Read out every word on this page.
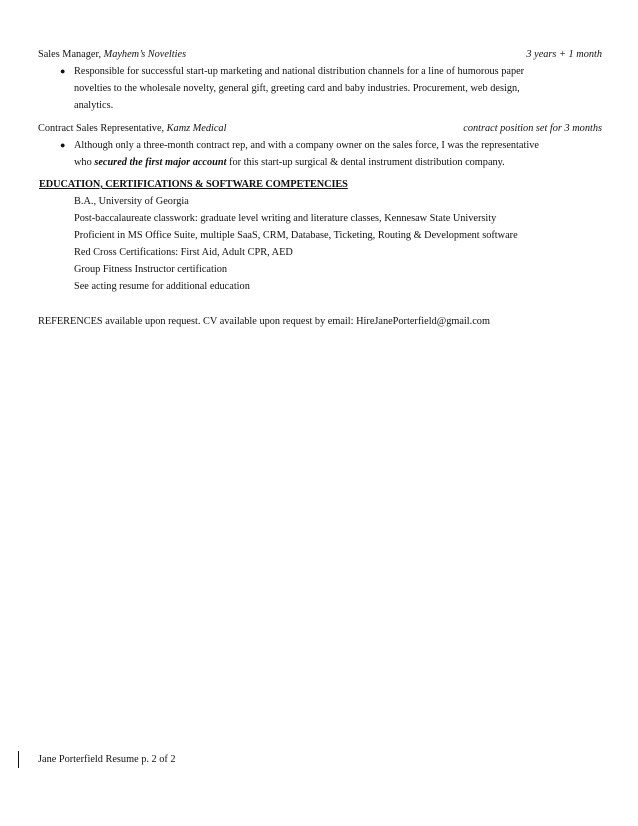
Sales Manager, Mayhem’s Novelties	3 years + 1 month
● Responsible for successful start-up marketing and national distribution channels for a line of humorous paper
novelties to the wholesale novelty, general gift, greeting card and baby industries. Procurement, web design,
analytics.
Contract Sales Representative, Kamz Medical	contract position set for 3 months
● Although only a three-month contract rep, and with a company owner on the sales force, I was the representative
who secured the first major account for this start-up surgical & dental instrument distribution company.
EDUCATION, CERTIFICATIONS & SOFTWARE COMPETENCIES
B.A., University of Georgia
Post-baccalaureate classwork: graduate level writing and literature classes, Kennesaw State University
Proficient in MS Office Suite, multiple SaaS, CRM, Database, Ticketing, Routing & Development software
Red Cross Certifications: First Aid, Adult CPR, AED
Group Fitness Instructor certification
See acting resume for additional education
REFERENCES available upon request. CV available upon request by email: HireJanePorterfield@gmail.com
Jane Porterfield Resume p. 2 of 2
